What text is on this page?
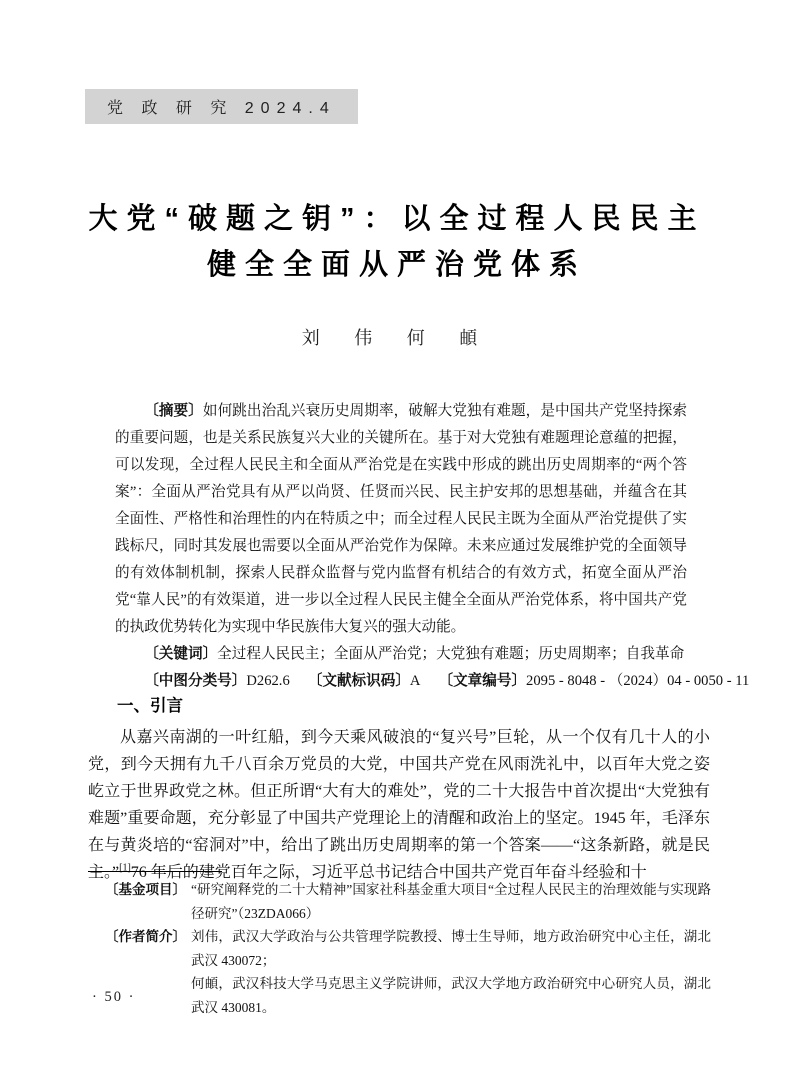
党 政 研 究 2024.4
大党“破题之钥”：以全过程人民民主
健全全面从严治党体系
刘 伟 何 頔
〔摘要〕如何跳出治乱兴衰历史周期率，破解大党独有难题，是中国共产党坚持探索的重要问题，也是关系民族复兴大业的关键所在。基于对大党独有难题理论意蕴的把握，可以发现，全过程人民民主和全面从严治党是在实践中形成的跳出历史周期率的“两个答案”：全面从严治党具有从严以尚贤、任贤而兴民、民主护安邦的思想基础，并蕴含在其全面性、严格性和治理性的内在特质之中；而全过程人民民主既为全面从严治党提供了实践标尺，同时其发展也需要以全面从严治党作为保障。未来应通过发展维护党的全面领导的有效体制机制，探索人民群众监督与党内监督有机结合的有效方式，拓宽全面从严治党“靠人民”的有效渠道，进一步以全过程人民民主健全全面从严治党体系，将中国共产党的执政优势转化为实现中华民族伟大复兴的强大动能。
〔关键词〕全过程人民民主；全面从严治党；大党独有难题；历史周期率；自我革命
〔中图分类号〕D262.6 〔文献标识码〕A 〔文章编号〕2095 - 8048 - （2024）04 - 0050 - 11
一、引言
从嘉兴南湖的一叶红船，到今天乘风破浪的“复兴号”巨轮，从一个仅有几十人的小党，到今天拥有九千八百余万党员的大党，中国共产党在风雨洗礼中，以百年大党之姿屹立于世界政党之林。但正所谓“大有大的难处”，党的二十大报告中首次提出“大党独有难题”重要命题，充分彰显了中国共产党理论上的清醒和政治上的坚定。1945 年，毛泽东在与黄炎培的“窑洞对”中，给出了跳出历史周期率的第一个答案——“这条新路，就是民主。”[1]76 年后的建党百年之际，习近平总书记结合中国共产党百年奋斗经验和十
〔基金项目〕 “研究阐释党的二十大精神”国家社科基金重大项目“全过程人民民主的治理效能与实现路径研究”（23ZDA066）
〔作者简介〕 刘伟，武汉大学政治与公共管理学院教授、博士生导师，地方政治研究中心主任，湖北 武汉 430072；
何頔，武汉科技大学马克思主义学院讲师，武汉大学地方政治研究中心研究人员，湖北 武汉 430081。
· 50 ·
